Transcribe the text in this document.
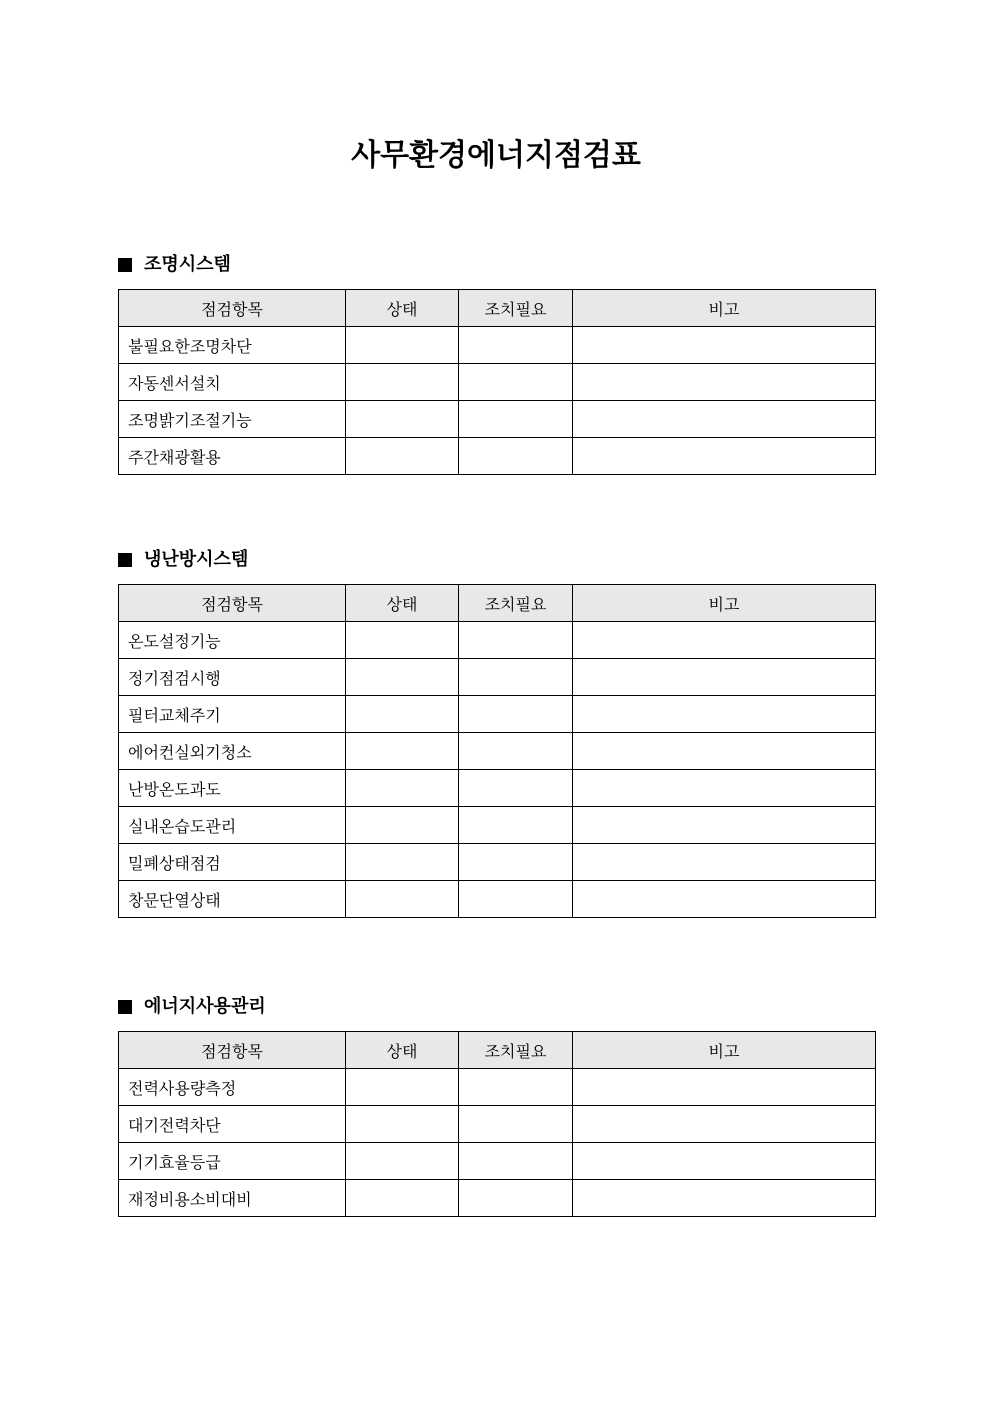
사무환경에너지점검표
조명시스템
점검항목	상태	조치필요	비고
불필요한조명차단			
자동센서설치			
조명밝기조절기능			
주간채광활용			
냉난방시스템
점검항목	상태	조치필요	비고
온도설정기능			
정기점검시행			
필터교체주기			
에어컨실외기청소			
난방온도과도			
실내온습도관리			
밀폐상태점검			
창문단열상태			
에너지사용관리
점검항목	상태	조치필요	비고
전력사용량측정			
대기전력차단			
기기효율등급			
재정비용소비대비			
